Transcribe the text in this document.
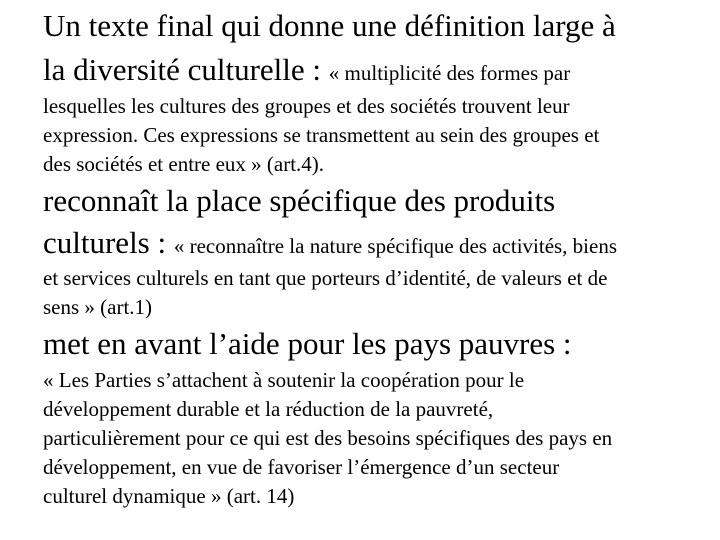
Un texte final qui donne une définition large à

la diversité culturelle : « multiplicité des formes par

lesquelles les cultures des groupes et des sociétés trouvent leur

expression. Ces expressions se transmettent au sein des groupes et

des sociétés et entre eux » (art.4).

reconnaît la place spécifique des produits

culturels : « reconnaître la nature spécifique des activités, biens

et services culturels en tant que porteurs d’identité, de valeurs et de

sens » (art.1)

met en avant l’aide pour les pays pauvres :

« Les Parties s’attachent à soutenir la coopération pour le

développement durable et la réduction de la pauvreté,

particulièrement pour ce qui est des besoins spécifiques des pays en

développement, en vue de favoriser l’émergence d’un secteur

culturel dynamique » (art. 14)
